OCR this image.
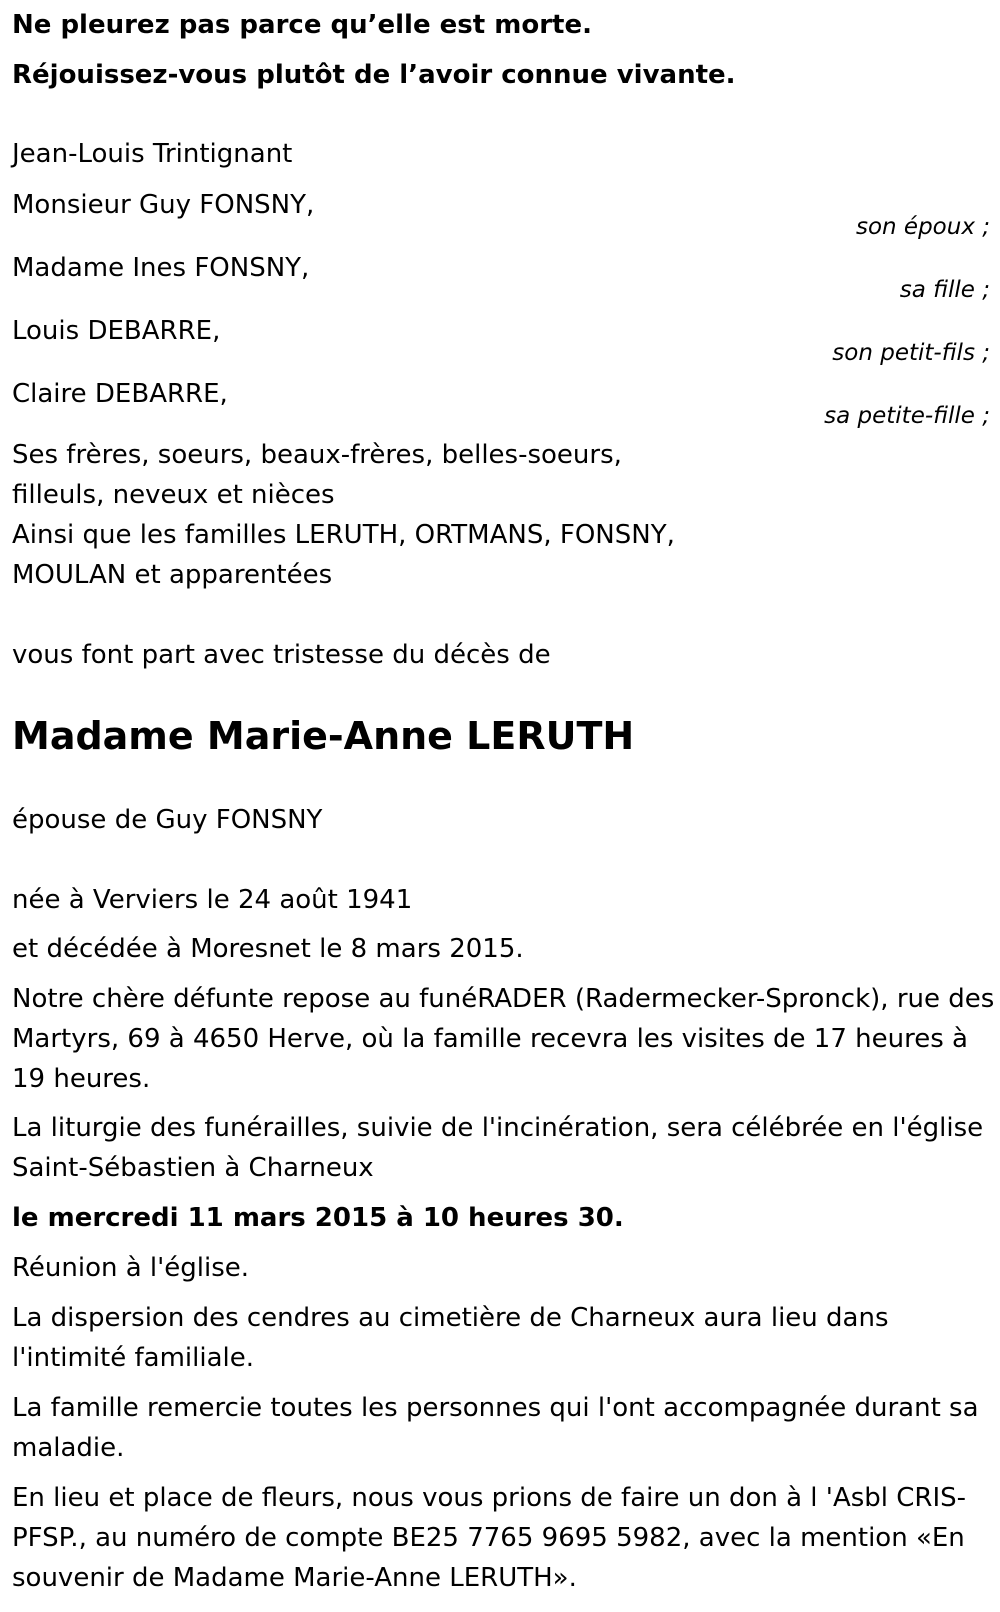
Ne pleurez pas parce qu’elle est morte.
Réjouissez-vous plutôt de l’avoir connue vivante.
Jean-Louis Trintignant
Monsieur Guy FONSNY,
son époux ;
Madame Ines FONSNY,
sa fille ;
Louis DEBARRE,
son petit-fils ;
Claire DEBARRE,
sa petite-fille ;
Ses frères, soeurs, beaux-frères, belles-soeurs,
filleuls, neveux et nièces
Ainsi que les familles LERUTH, ORTMANS, FONSNY,
MOULAN et apparentées
vous font part avec tristesse du décès de
Madame Marie-Anne LERUTH
épouse de Guy FONSNY
née à Verviers le 24 août 1941
et décédée à Moresnet le 8 mars 2015.
Notre chère défunte repose au funéRADER (Radermecker-Spronck), rue des Martyrs, 69 à 4650 Herve, où la famille recevra les visites de 17 heures à 19 heures.
La liturgie des funérailles, suivie de l'incinération, sera célébrée en l'église Saint-Sébastien à Charneux
le mercredi 11 mars 2015 à 10 heures 30.
Réunion à l'église.
La dispersion des cendres au cimetière de Charneux aura lieu dans l'intimité familiale.
La famille remercie toutes les personnes qui l'ont accompagnée durant sa maladie.
En lieu et place de fleurs, nous vous prions de faire un don à l 'Asbl CRIS-PFSP., au numéro de compte BE25 7765 9695 5982, avec la mention «En souvenir de Madame Marie-Anne LERUTH».
